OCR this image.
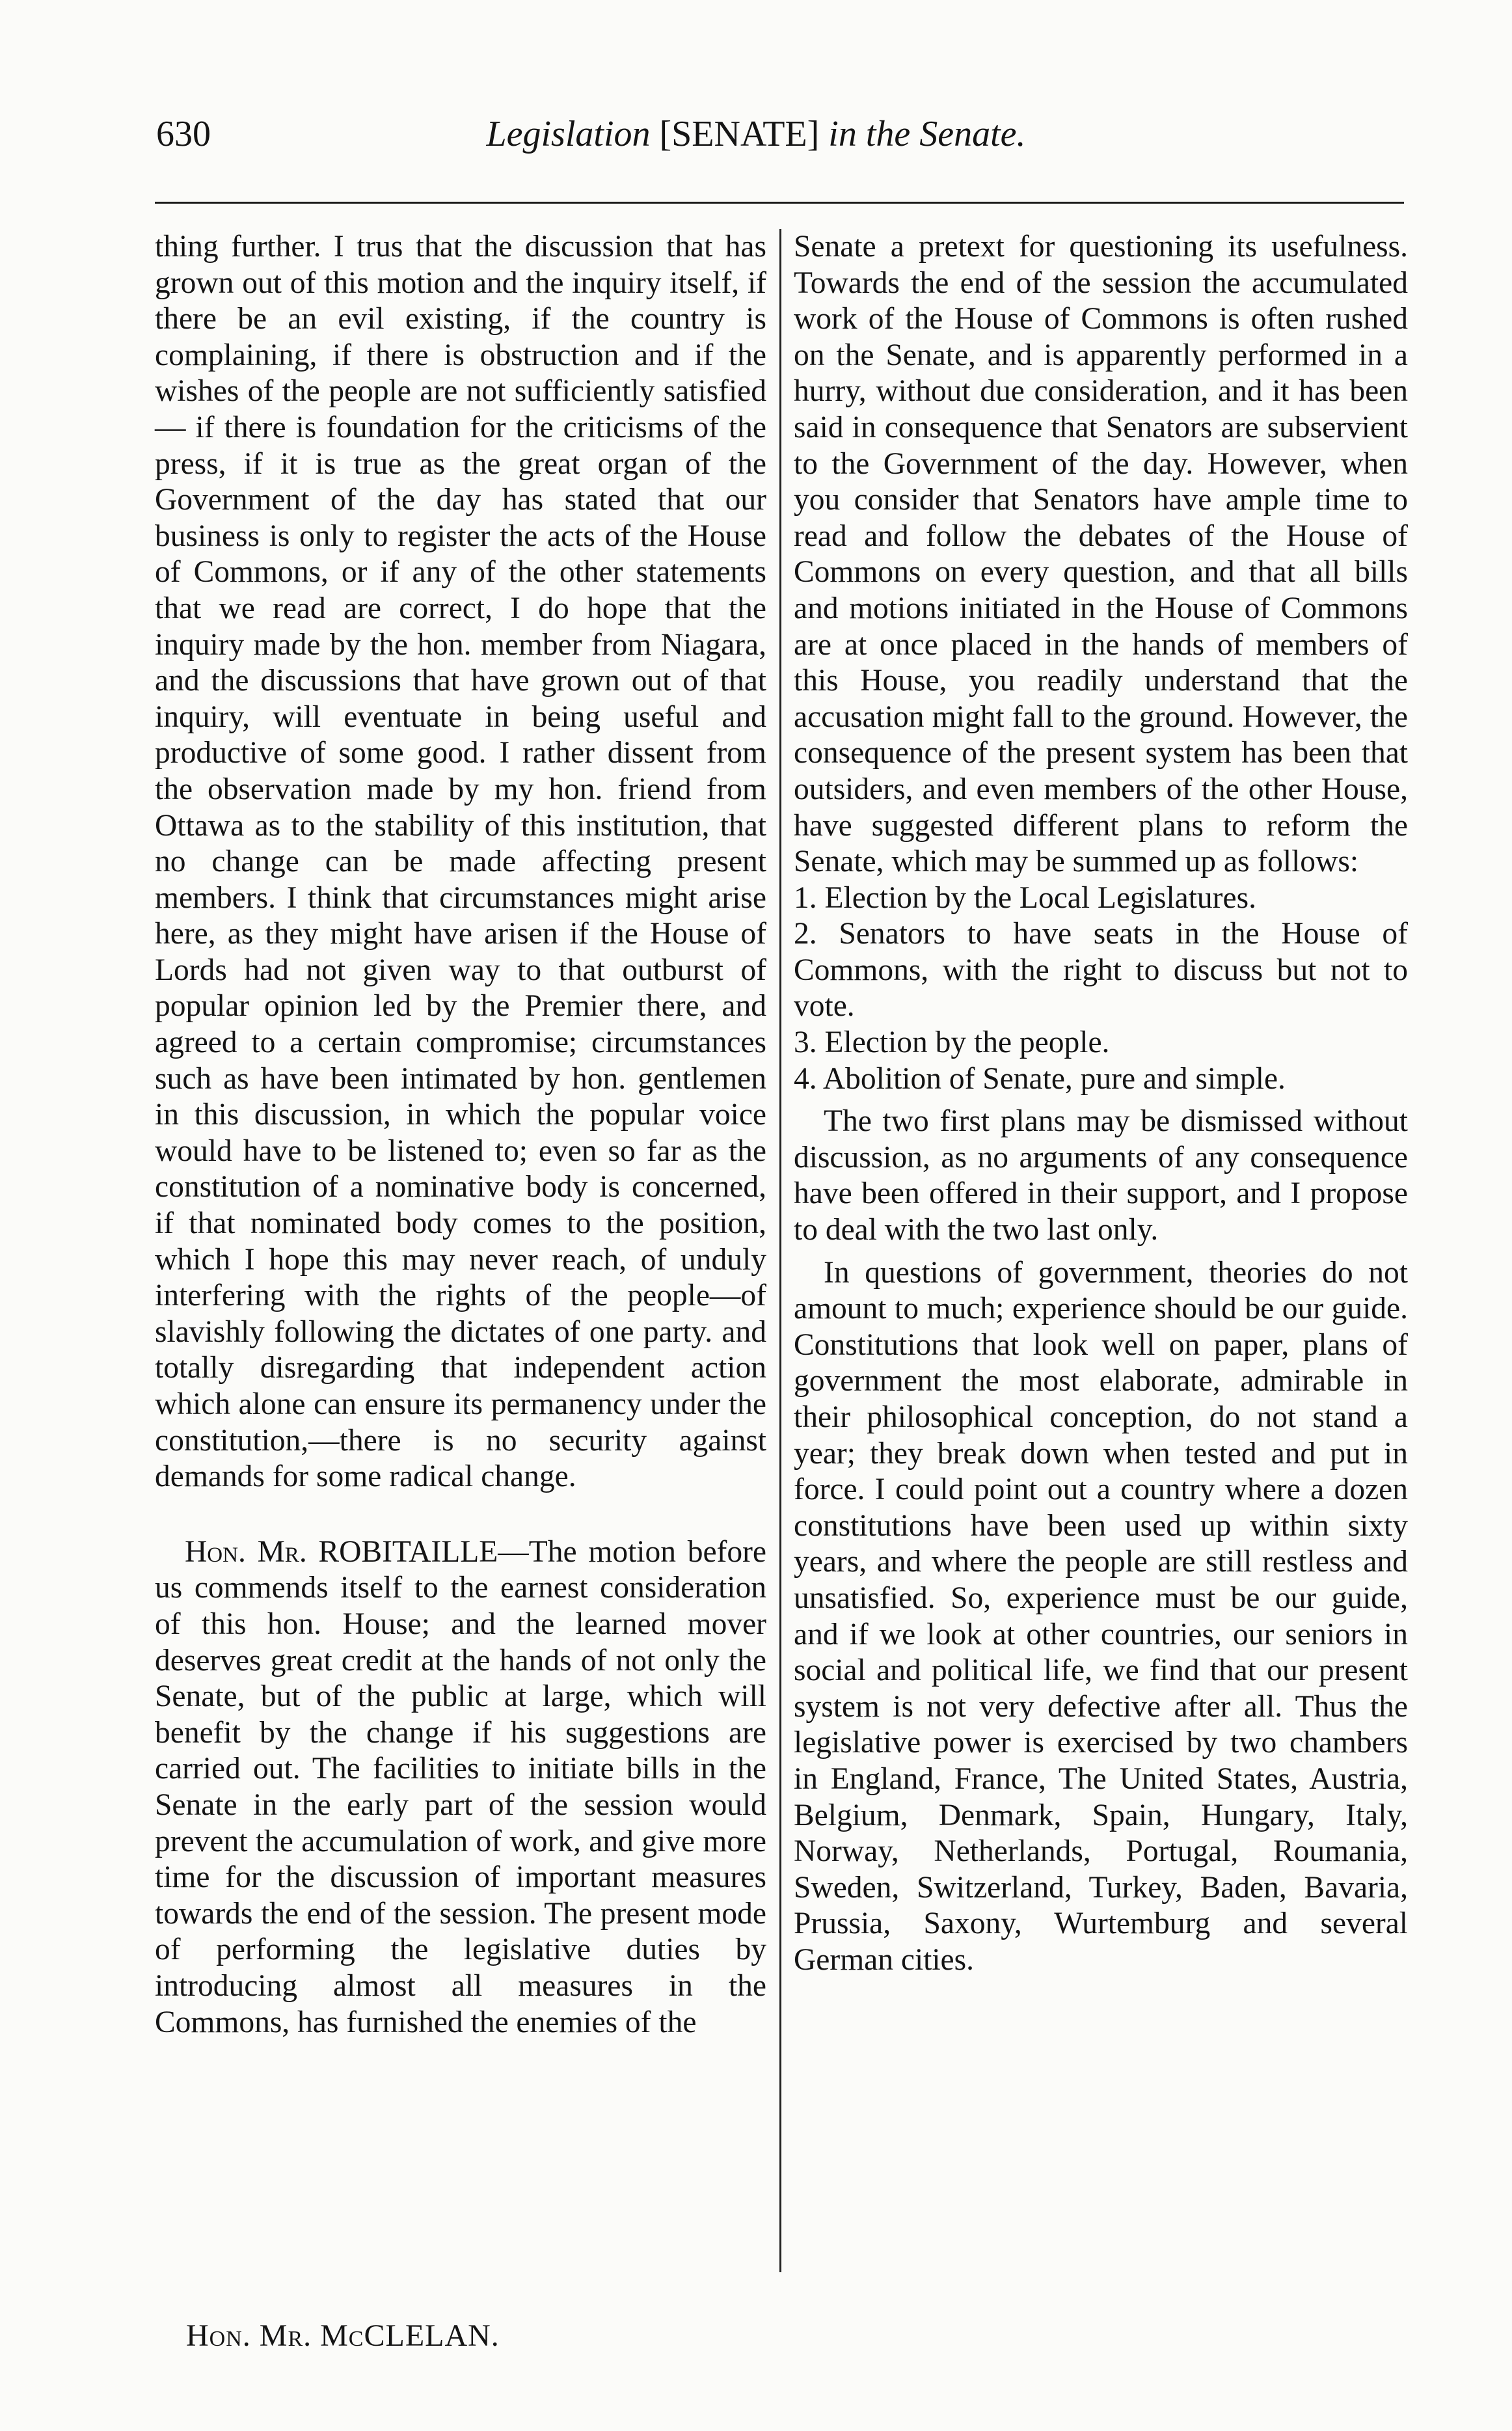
630	Legislation [SENATE] in the Senate.

thing further. I trus that the discussion that has grown out of this motion and the inquiry itself, if there be an evil existing, if the country is complaining, if there is obstruction and if the wishes of the people are not sufficiently satisfied— if there is foundation for the criticisms of the press, if it is true as the great organ of the Government of the day has stated that our business is only to register the acts of the House of Commons, or if any of the other statements that we read are correct, I do hope that the inquiry made by the hon. member from Niagara, and the discussions that have grown out of that inquiry, will eventuate in being useful and productive of some good. I rather dissent from the observation made by my hon. friend from Ottawa as to the stability of this institution, that no change can be made affecting present members. I think that circumstances might arise here, as they might have arisen if the House of Lords had not given way to that outburst of popular opinion led by the Premier there, and agreed to a certain compromise; circumstances such as have been intimated by hon. gentlemen in this discussion, in which the popular voice would have to be listened to; even so far as the constitution of a nominative body is concerned, if that nominated body comes to the position, which I hope this may never reach, of unduly interfering with the rights of the people—of slavishly following the dictates of one party. and totally disregarding that independent action which alone can ensure its permanency under the constitution,—there is no security against demands for some radical change.

Hon. Mr. ROBITAILLE—The motion before us commends itself to the earnest consideration of this hon. House; and the learned mover deserves great credit at the hands of not only the Senate, but of the public at large, which will benefit by the change if his suggestions are carried out. The facilities to initiate bills in the Senate in the early part of the session would prevent the accumulation of work, and give more time for the discussion of important measures towards the end of the session. The present mode of performing the legislative duties by introducing almost all measures in the Commons, has furnished the enemies of the

Senate a pretext for questioning its usefulness. Towards the end of the session the accumulated work of the House of Commons is often rushed on the Senate, and is apparently performed in a hurry, without due consideration, and it has been said in consequence that Senators are subservient to the Government of the day. However, when you consider that Senators have ample time to read and follow the debates of the House of Commons on every question, and that all bills and motions initiated in the House of Commons are at once placed in the hands of members of this House, you readily understand that the accusation might fall to the ground. However, the consequence of the present system has been that outsiders, and even members of the other House, have suggested different plans to reform the Senate, which may be summed up as follows:

1. Election by the Local Legislatures.

2. Senators to have seats in the House of Commons, with the right to discuss but not to vote.

3. Election by the people.

4. Abolition of Senate, pure and simple.

The two first plans may be dismissed without discussion, as no arguments of any consequence have been offered in their support, and I propose to deal with the two last only.

In questions of government, theories do not amount to much; experience should be our guide. Constitutions that look well on paper, plans of government the most elaborate, admirable in their philosophical conception, do not stand a year; they break down when tested and put in force. I could point out a country where a dozen constitutions have been used up within sixty years, and where the people are still restless and unsatisfied. So, experience must be our guide, and if we look at other countries, our seniors in social and political life, we find that our present system is not very defective after all. Thus the legislative power is exercised by two chambers in England, France, The United States, Austria, Belgium, Denmark, Spain, Hungary, Italy, Norway, Netherlands, Portugal, Roumania, Sweden, Switzerland, Turkey, Baden, Bavaria, Prussia, Saxony, Wurtemburg and several German cities.

Hon. Mr. McCLELAN.
